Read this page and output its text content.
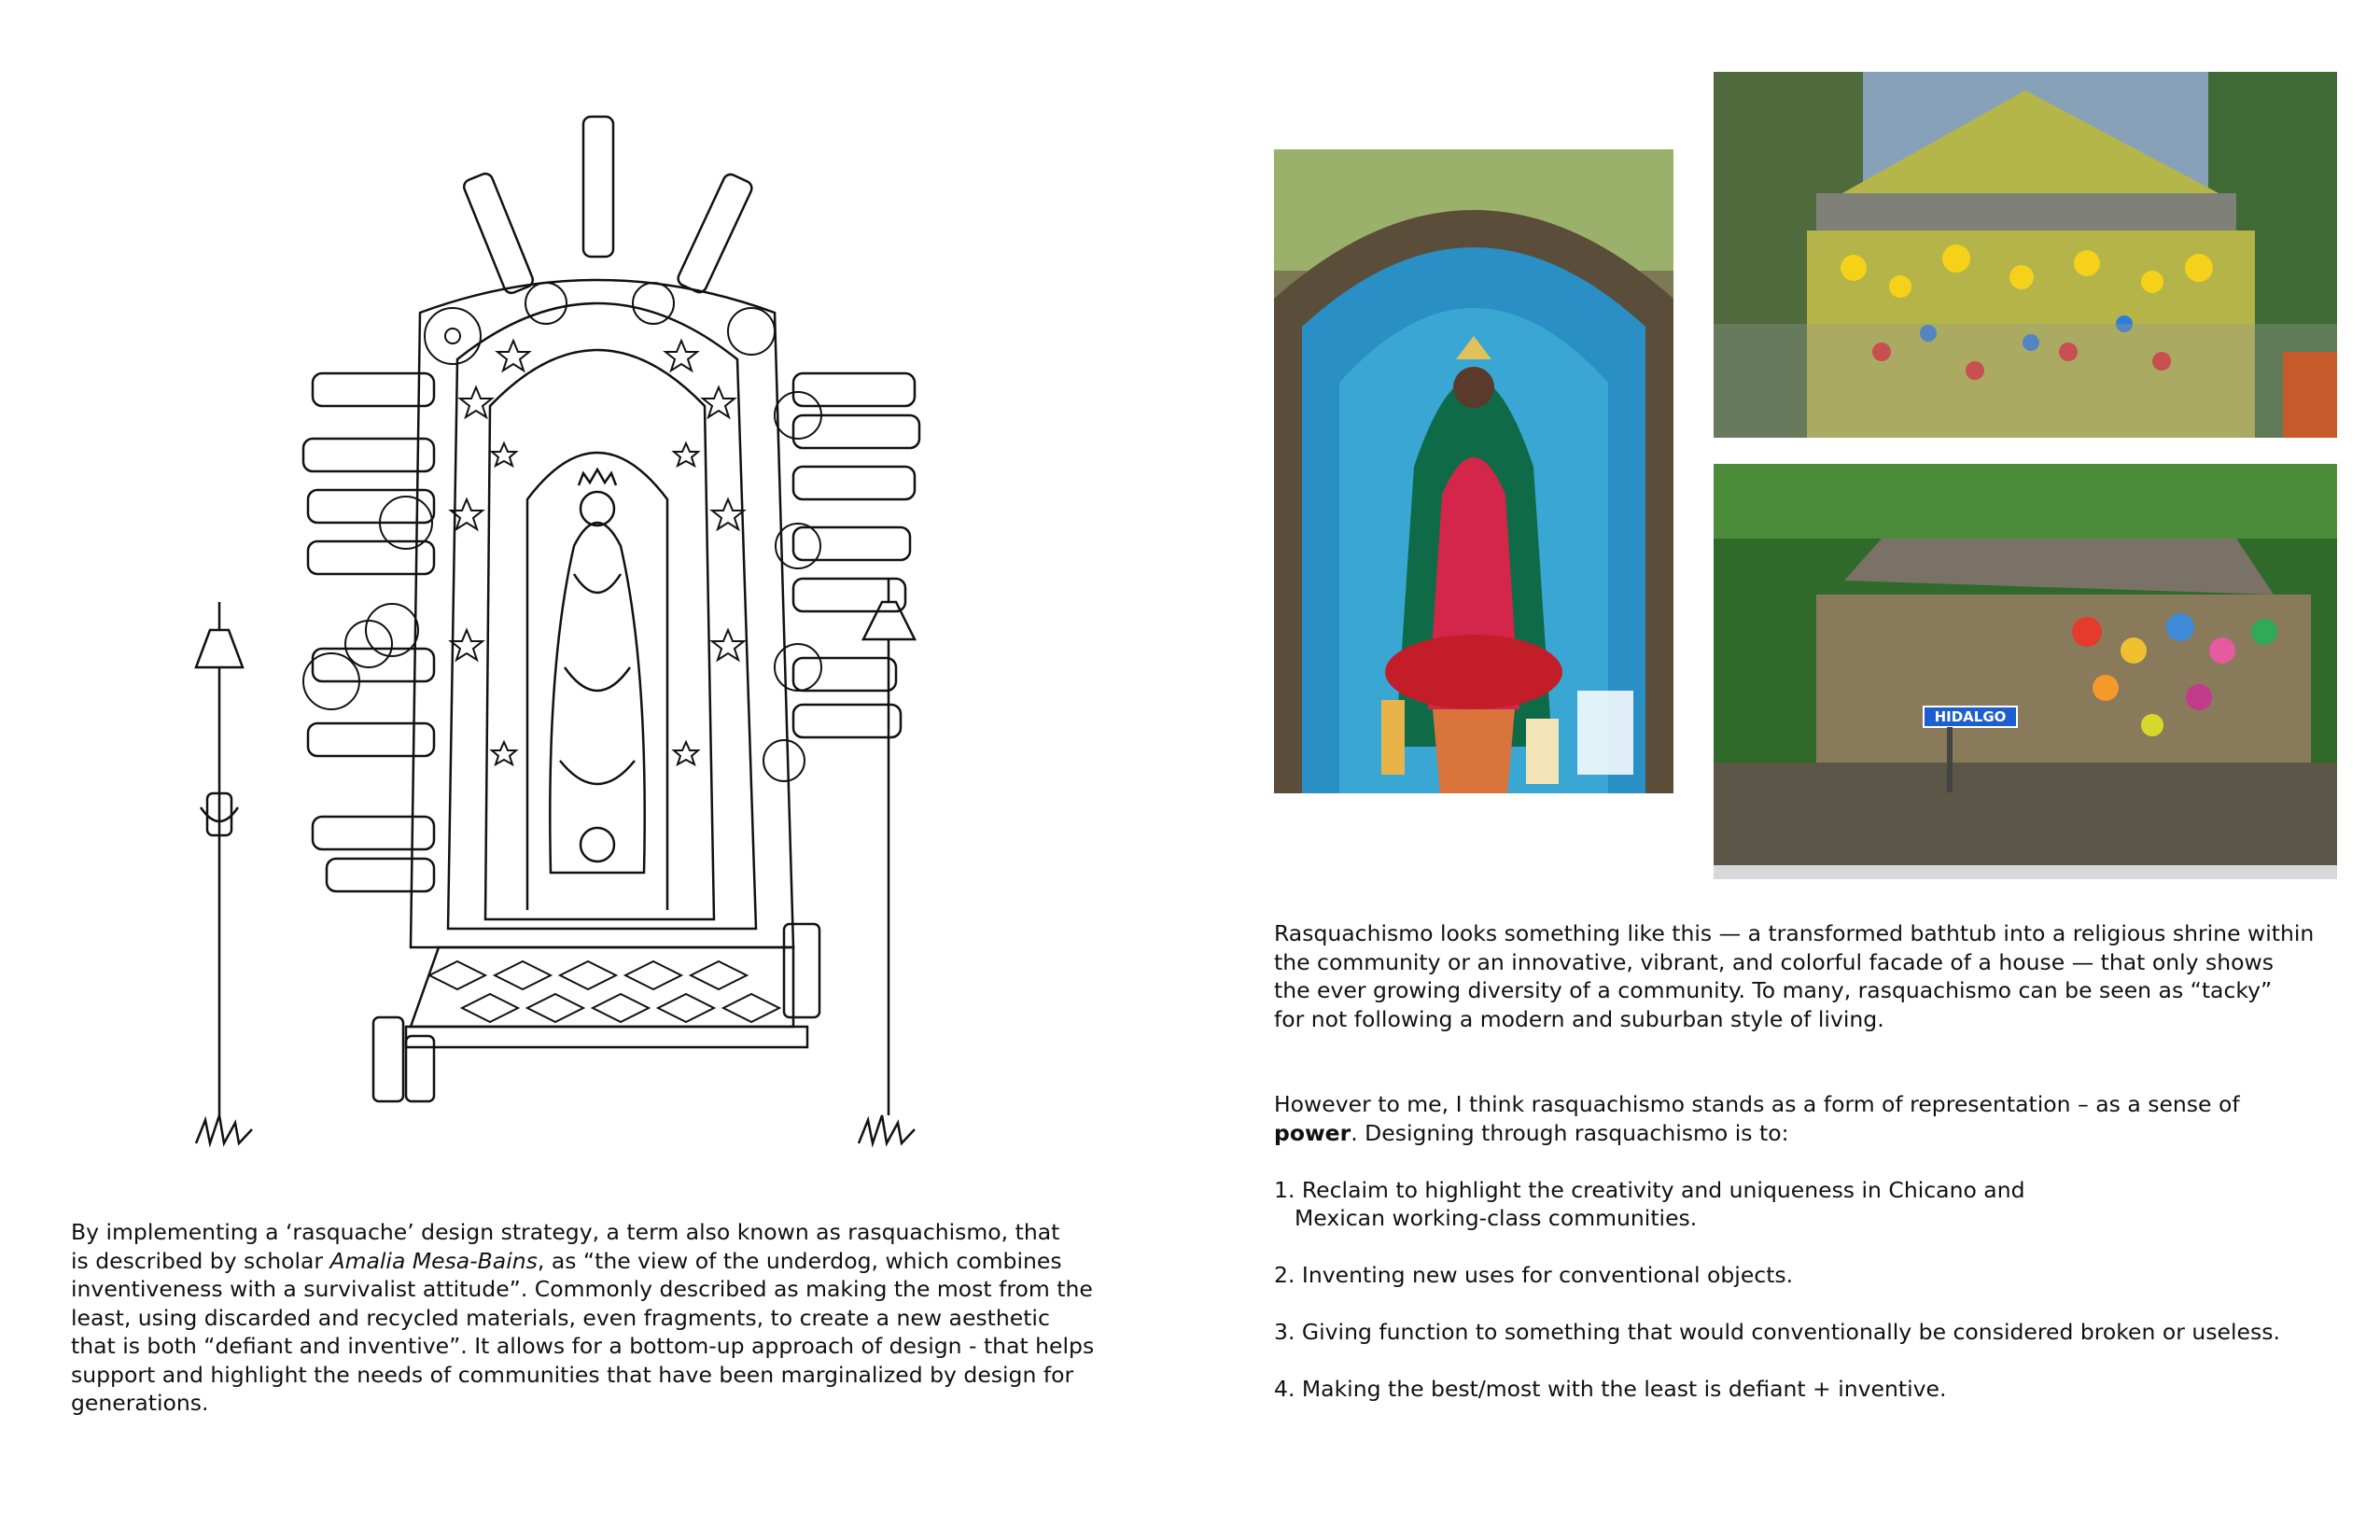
HIDALGO
By implementing a ‘rasquache’ design strategy, a term also known as rasquachismo, that
is described by scholar Amalia Mesa-Bains, as “the view of the underdog, which combines
inventiveness with a survivalist attitude”. Commonly described as making the most from the
least, using discarded and recycled materials, even fragments, to create a new aesthetic
that is both “defiant and inventive”. It allows for a bottom-up approach of design - that helps
support and highlight the needs of communities that have been marginalized by design for
generations.
Rasquachismo looks something like this — a transformed bathtub into a religious shrine within
the community or an innovative, vibrant, and colorful facade of a house — that only shows
the ever growing diversity of a community. To many, rasquachismo can be seen as “tacky”
for not following a modern and suburban style of living.
However to me, I think rasquachismo stands as a form of representation – as a sense of
power. Designing through rasquachismo is to:
1. Reclaim to highlight the creativity and uniqueness in Chicano and
Mexican working-class communities.
2. Inventing new uses for conventional objects.
3. Giving function to something that would conventionally be considered broken or useless.
4. Making the best/most with the least is defiant + inventive.
